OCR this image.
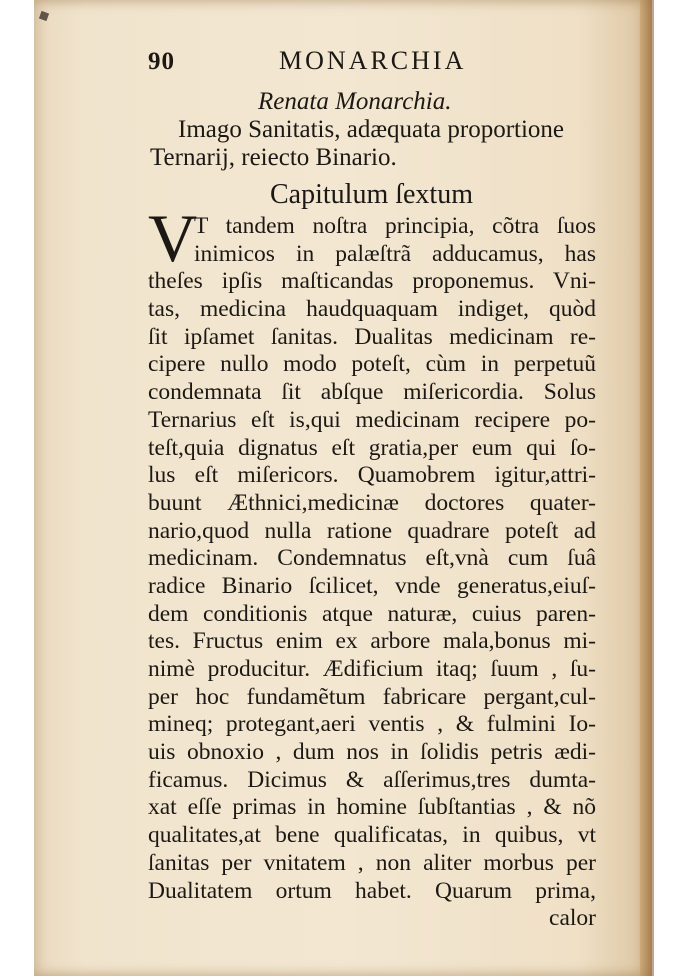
90	MONARCHIA
Renata Monarchia.
Imago Sanitatis, adæquata proportione
Ternarij, reiecto Binario.
Capitulum ſextum
V
T tandem noſtra principia, cõtra ſuos
inimicos in palæſtrã adducamus, has
theſes ipſis maſticandas proponemus. Vni-
tas, medicina haudquaquam indiget, quòd
ſit ipſamet ſanitas. Dualitas medicinam re-
cipere nullo modo poteſt, cùm in perpetuũ
condemnata ſit abſque miſericordia. Solus
Ternarius eſt is,qui medicinam recipere po-
teſt,quia dignatus eſt gratia,per eum qui ſo-
lus eſt miſericors. Quamobrem igitur,attri-
buunt Æthnici,medicinæ doctores quater-
nario,quod nulla ratione quadrare poteſt ad
medicinam. Condemnatus eſt,vnà cum ſuâ
radice Binario ſcilicet, vnde generatus,eiuſ-
dem conditionis atque naturæ, cuius paren-
tes. Fructus enim ex arbore mala,bonus mi-
nimè producitur. Ædificium itaq; ſuum , ſu-
per hoc fundamẽtum fabricare pergant,cul-
mineq; protegant,aeri ventis , & fulmini Io-
uis obnoxio , dum nos in ſolidis petris ædi-
ficamus. Dicimus & aſſerimus,tres dumta-
xat eſſe primas in homine ſubſtantias , & nõ
qualitates,at bene qualificatas, in quibus, vt
ſanitas per vnitatem , non aliter morbus per
Dualitatem ortum habet. Quarum prima,
calor
